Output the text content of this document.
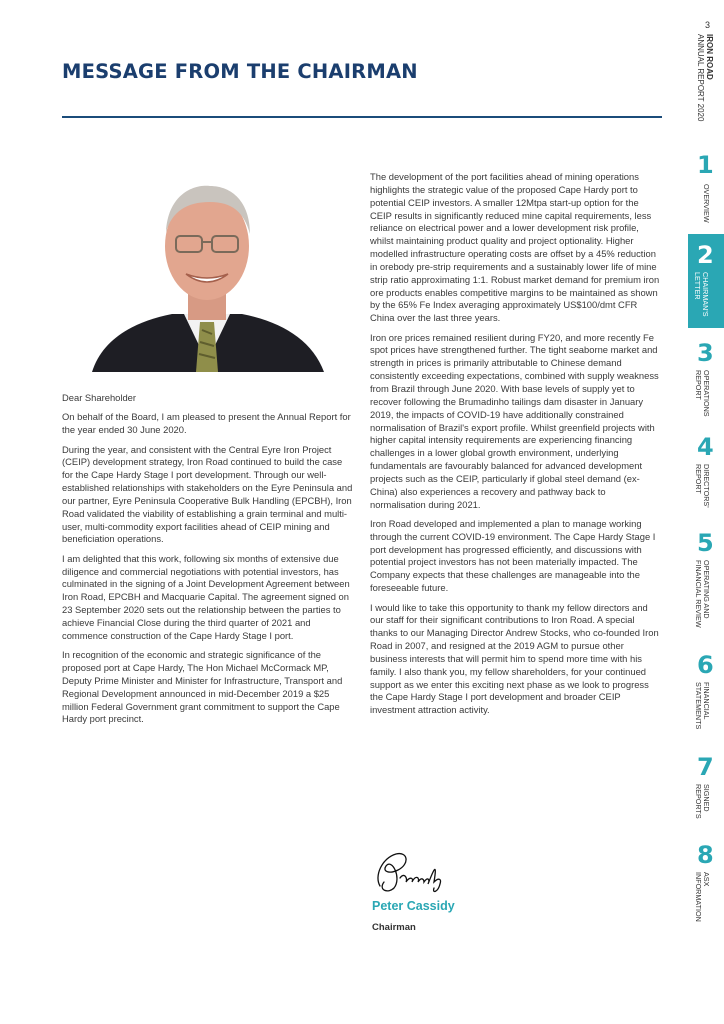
3
IRON ROAD
ANNUAL REPORT 2020
MESSAGE FROM THE CHAIRMAN

Dear Shareholder

On behalf of the Board, I am pleased to present the Annual Report for the year ended 30 June 2020.

During the year, and consistent with the Central Eyre Iron Project (CEIP) development strategy, Iron Road continued to build the case for the Cape Hardy Stage I port development. Through our well-established relationships with stakeholders on the Eyre Peninsula and our partner, Eyre Peninsula Cooperative Bulk Handling (EPCBH), Iron Road validated the viability of establishing a grain terminal and multi-user, multi-commodity export facilities ahead of CEIP mining and beneficiation operations.

I am delighted that this work, following six months of extensive due diligence and commercial negotiations with potential investors, has culminated in the signing of a Joint Development Agreement between Iron Road, EPCBH and Macquarie Capital. The agreement signed on 23 September 2020 sets out the relationship between the parties to achieve Financial Close during the third quarter of 2021 and commence construction of the Cape Hardy Stage I port.

In recognition of the economic and strategic significance of the proposed port at Cape Hardy, The Hon Michael McCormack MP, Deputy Prime Minister and Minister for Infrastructure, Transport and Regional Development announced in mid-December 2019 a $25 million Federal Government grant commitment to support the Cape Hardy port precinct.

The development of the port facilities ahead of mining operations highlights the strategic value of the proposed Cape Hardy port to potential CEIP investors. A smaller 12Mtpa start-up option for the CEIP results in significantly reduced mine capital requirements, less reliance on electrical power and a lower development risk profile, whilst maintaining product quality and project optionality. Higher modelled infrastructure operating costs are offset by a 45% reduction in orebody pre-strip requirements and a sustainably lower life of mine strip ratio approximating 1:1. Robust market demand for premium iron ore products enables competitive margins to be maintained as shown by the 65% Fe Index averaging approximately US$100/dmt CFR China over the last three years.

Iron ore prices remained resilient during FY20, and more recently Fe spot prices have strengthened further. The tight seaborne market and strength in prices is primarily attributable to Chinese demand consistently exceeding expectations, combined with supply weakness from Brazil through June 2020. With base levels of supply yet to recover following the Brumadinho tailings dam disaster in January 2019, the impacts of COVID-19 have additionally constrained normalisation of Brazil's export profile. Whilst greenfield projects with higher capital intensity requirements are experiencing financing challenges in a lower global growth environment, underlying fundamentals are favourably balanced for advanced development projects such as the CEIP, particularly if global steel demand (ex-China) also experiences a recovery and pathway back to normalisation during 2021.

Iron Road developed and implemented a plan to manage working through the current COVID-19 environment. The Cape Hardy Stage I port development has progressed efficiently, and discussions with potential project investors has not been materially impacted. The Company expects that these challenges are manageable into the foreseeable future.

I would like to take this opportunity to thank my fellow directors and our staff for their significant contributions to Iron Road. A special thanks to our Managing Director Andrew Stocks, who co-founded Iron Road in 2007, and resigned at the 2019 AGM to pursue other business interests that will permit him to spend more time with his family. I also thank you, my fellow shareholders, for your continued support as we enter this exciting next phase as we look to progress the Cape Hardy Stage I port development and broader CEIP investment attraction activity.

Peter Cassidy
Chairman
1
OVERVIEW
2
CHAIRMAN'S LETTER
3
OPERATIONS REPORT
4
DIRECTORS' REPORT
5
OPERATING AND FINANCIAL REVIEW
6
FINANCIAL STATEMENTS
7
SIGNED REPORTS
8
ASX INFORMATION
